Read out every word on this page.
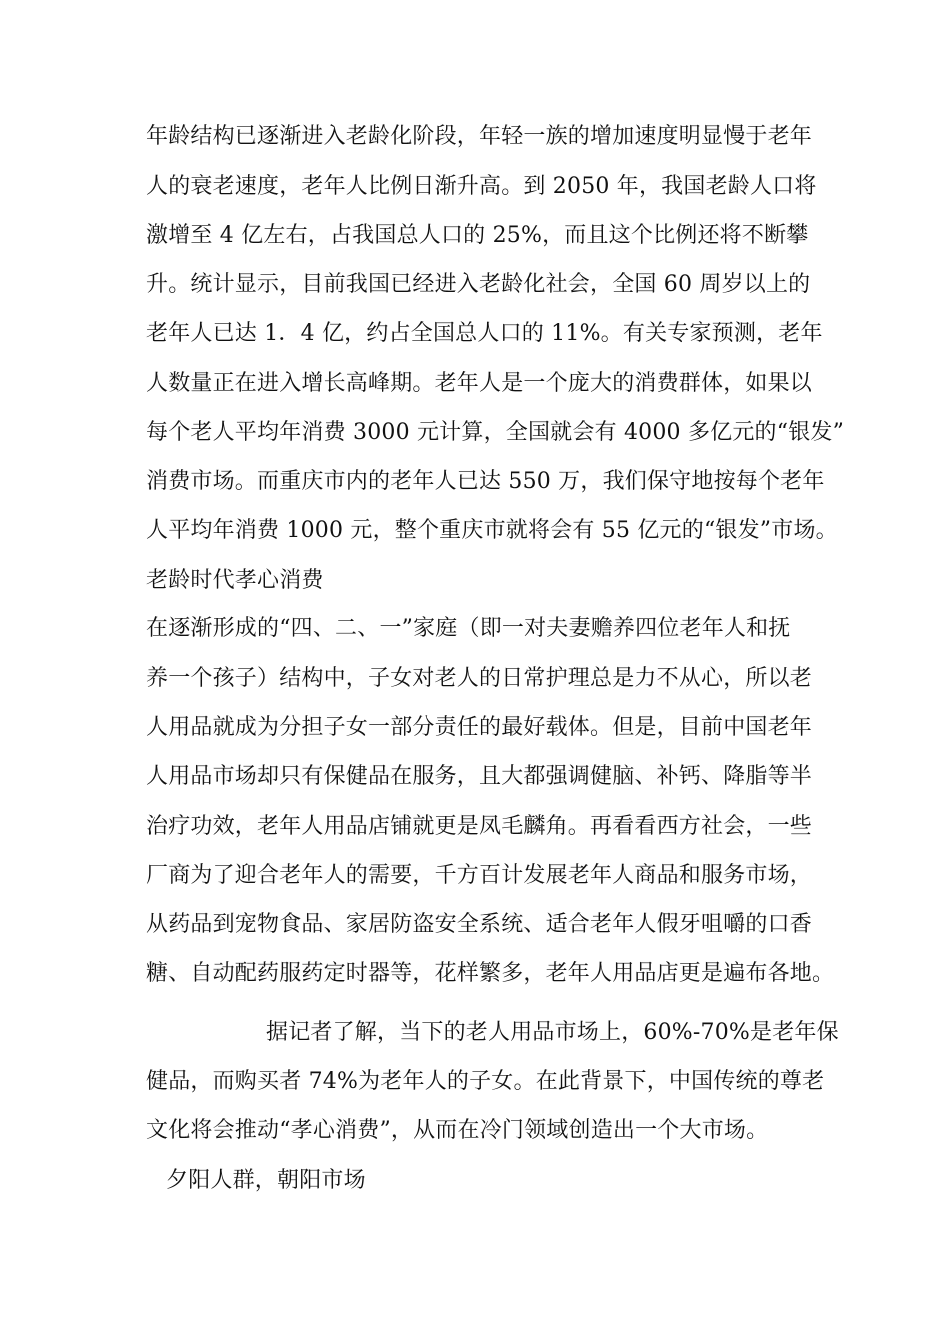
年龄结构已逐渐进入老龄化阶段，年轻一族的增加速度明显慢于老年
人的衰老速度，老年人比例日渐升高。到 2050 年，我国老龄人口将
激增至 4 亿左右，占我国总人口的 25%，而且这个比例还将不断攀
升。统计显示，目前我国已经进入老龄化社会，全国 60 周岁以上的
老年人已达 1．4 亿，约占全国总人口的 11%。有关专家预测，老年
人数量正在进入增长高峰期。老年人是一个庞大的消费群体，如果以
每个老人平均年消费 3000 元计算，全国就会有 4000 多亿元的“银发”
消费市场。而重庆市内的老年人已达 550 万，我们保守地按每个老年
人平均年消费 1000 元，整个重庆市就将会有 55 亿元的“银发”市场。
老龄时代孝心消费
在逐渐形成的“四、二、一”家庭（即一对夫妻赡养四位老年人和抚
养一个孩子）结构中，子女对老人的日常护理总是力不从心，所以老
人用品就成为分担子女一部分责任的最好载体。但是，目前中国老年
人用品市场却只有保健品在服务，且大都强调健脑、补钙、降脂等半
治疗功效，老年人用品店铺就更是凤毛麟角。再看看西方社会，一些
厂商为了迎合老年人的需要，千方百计发展老年人商品和服务市场，
从药品到宠物食品、家居防盗安全系统、适合老年人假牙咀嚼的口香
糖、自动配药服药定时器等，花样繁多，老年人用品店更是遍布各地。
据记者了解，当下的老人用品市场上，60%-70%是老年保
健品，而购买者 74%为老年人的子女。在此背景下，中国传统的尊老
文化将会推动“孝心消费”，从而在冷门领域创造出一个大市场。
夕阳人群，朝阳市场
